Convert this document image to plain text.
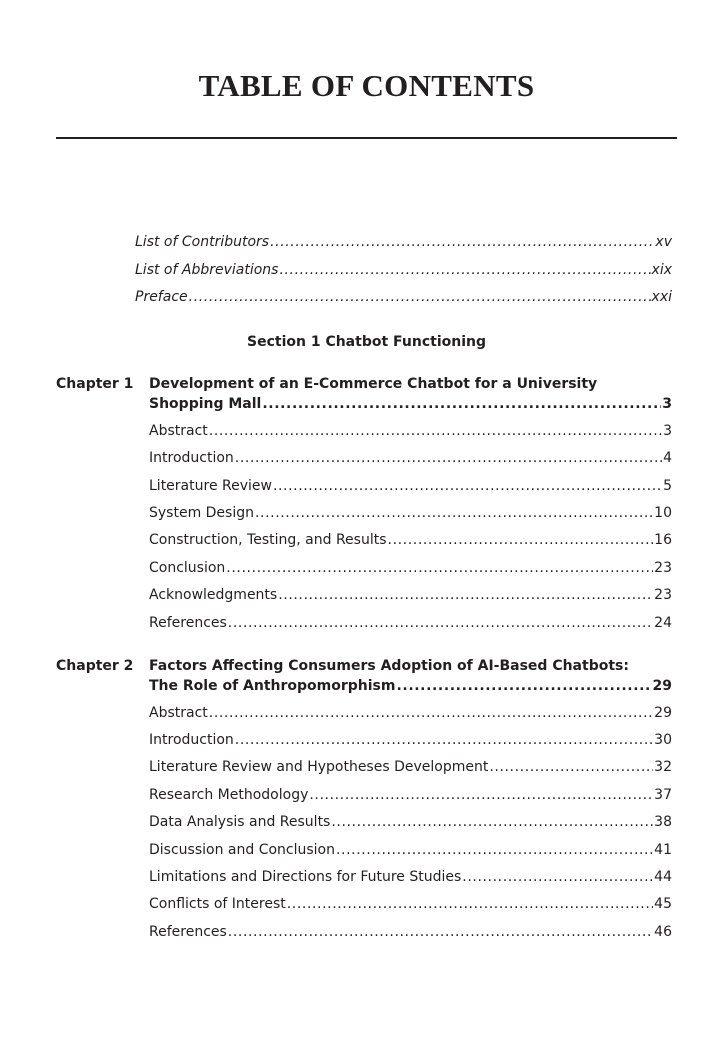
TABLE OF CONTENTS
List of Contributors .....	xv
List of Abbreviations .....	xix
Preface .....	xxi
Section 1 Chatbot Functioning
Chapter 1 Development of an E-Commerce Chatbot for a University
Shopping Mall .....	3
Abstract .....	3
Introduction .....	4
Literature Review .....	5
System Design .....	10
Construction, Testing, and Results .....	16
Conclusion .....	23
Acknowledgments .....	23
References .....	24
Chapter 2 Factors Affecting Consumers Adoption of AI-Based Chatbots:
The Role of Anthropomorphism .....	29
Abstract .....	29
Introduction .....	30
Literature Review and Hypotheses Development .....	32
Research Methodology .....	37
Data Analysis and Results .....	38
Discussion and Conclusion .....	41
Limitations and Directions for Future Studies .....	44
Conflicts of Interest .....	45
References .....	46
